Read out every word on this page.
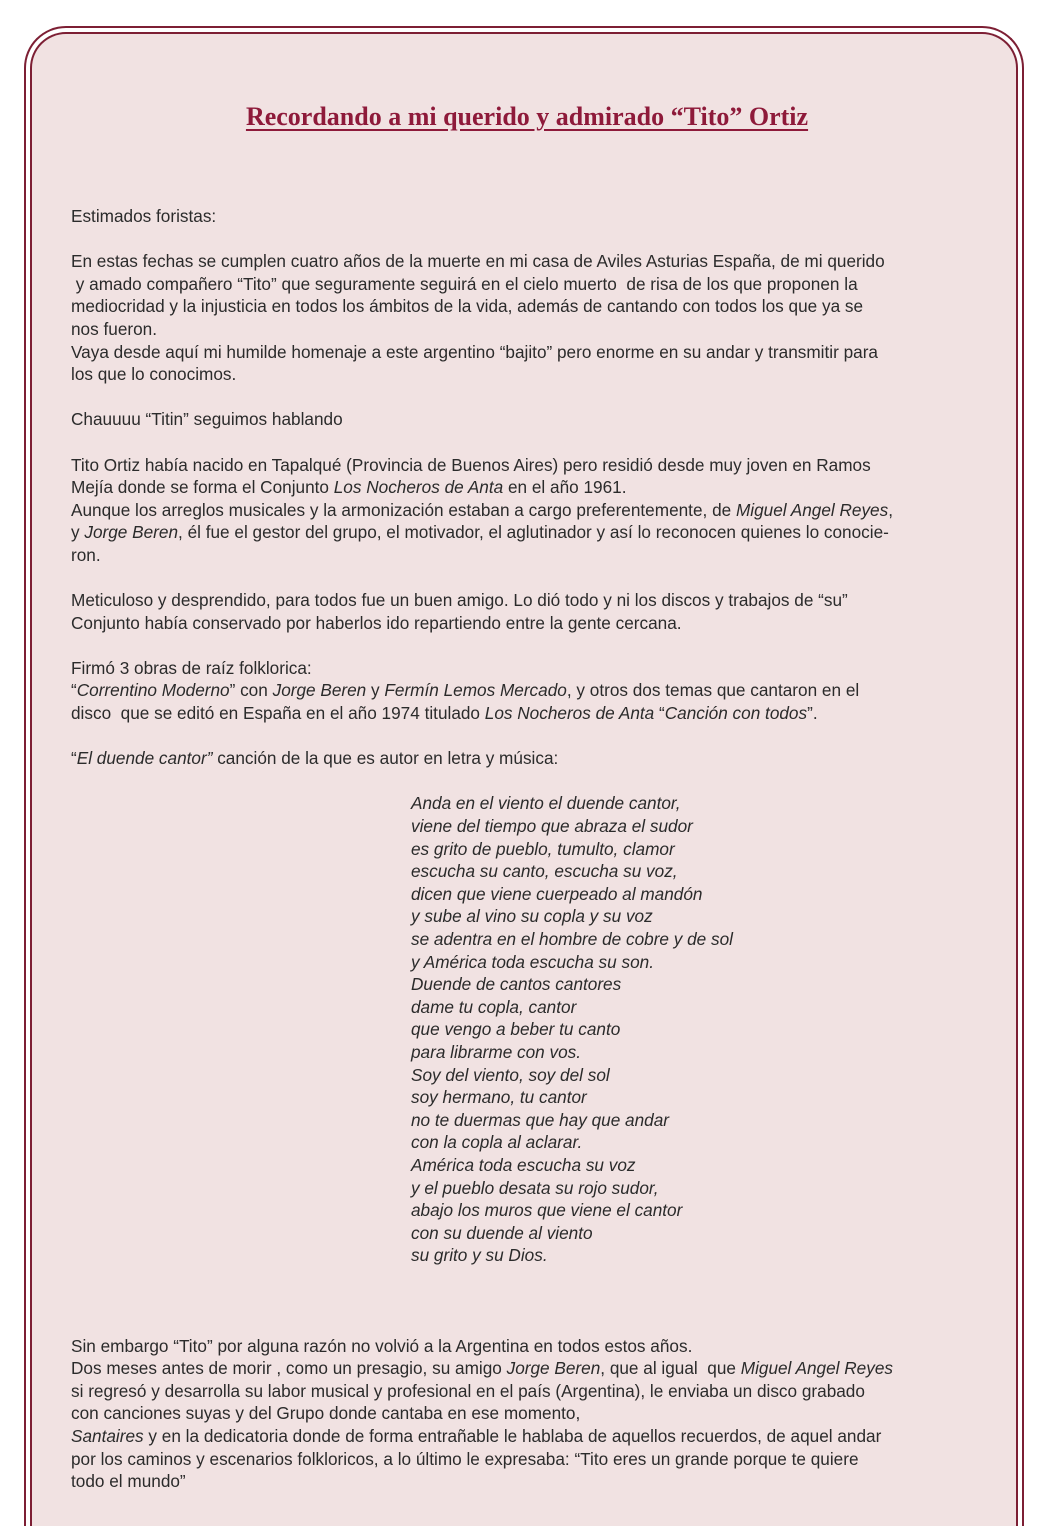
Recordando a mi querido y admirado “Tito” Ortiz

Estimados foristas:

En estas fechas se cumplen cuatro años de la muerte en mi casa de Aviles Asturias España, de mi querido

y amado compañero “Tito” que seguramente seguirá en el cielo muerto  de risa de los que proponen la

mediocridad y la injusticia en todos los ámbitos de la vida, además de cantando con todos los que ya se

nos fueron.

Vaya desde aquí mi humilde homenaje a este argentino “bajito” pero enorme en su andar y transmitir para

los que lo conocimos.

Chauuuu “Titin” seguimos hablando

Tito Ortiz había nacido en Tapalqué (Provincia de Buenos Aires) pero residió desde muy joven en Ramos

Mejía donde se forma el Conjunto Los Nocheros de Anta en el año 1961.

Aunque los arreglos musicales y la armonización estaban a cargo preferentemente, de Miguel Angel Reyes,

y Jorge Beren, él fue el gestor del grupo, el motivador, el aglutinador y así lo reconocen quienes lo conocie-

ron.

Meticuloso y desprendido, para todos fue un buen amigo. Lo dió todo y ni los discos y trabajos de “su”

Conjunto había conservado por haberlos ido repartiendo entre la gente cercana.

Firmó 3 obras de raíz folklorica:

“Correntino Moderno” con Jorge Beren y Fermín Lemos Mercado, y otros dos temas que cantaron en el

disco  que se editó en España en el año 1974 titulado Los Nocheros de Anta “Canción con todos”.

“El duende cantor” canción de la que es autor en letra y música:

Anda en el viento el duende cantor,

viene del tiempo que abraza el sudor

es grito de pueblo, tumulto, clamor

escucha su canto, escucha su voz,

dicen que viene cuerpeado al mandón

y sube al vino su copla y su voz

se adentra en el hombre de cobre y de sol

y América toda escucha su son.

Duende de cantos cantores

dame tu copla, cantor

que vengo a beber tu canto

para librarme con vos.

Soy del viento, soy del sol

soy hermano, tu cantor

no te duermas que hay que andar

con la copla al aclarar.

América toda escucha su voz

y el pueblo desata su rojo sudor,

abajo los muros que viene el cantor

con su duende al viento

su grito y su Dios.

Sin embargo “Tito” por alguna razón no volvió a la Argentina en todos estos años.

Dos meses antes de morir , como un presagio, su amigo Jorge Beren, que al igual  que Miguel Angel Reyes

si regresó y desarrolla su labor musical y profesional en el país (Argentina), le enviaba un disco grabado

con canciones suyas y del Grupo donde cantaba en ese momento,

Santaires y en la dedicatoria donde de forma entrañable le hablaba de aquellos recuerdos, de aquel andar

por los caminos y escenarios folkloricos, a lo último le expresaba: “Tito eres un grande porque te quiere

todo el mundo”
